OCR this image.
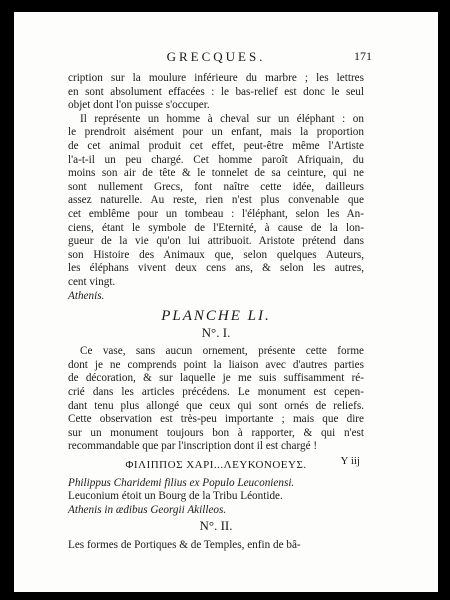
GRECQUES.	171
cription sur la moulure inférieure du marbre ; les lettres
en sont absolument effacées : le bas-relief est donc le seul
objet dont l'on puisse s'occuper.
Il représente un homme à cheval sur un éléphant : on
le prendroit aisément pour un enfant, mais la proportion
de cet animal produit cet effet, peut-être même l'Artiste
l'a-t-il un peu chargé. Cet homme paroît Afriquain, du
moins son air de tête & le tonnelet de sa ceinture, qui ne
sont nullement Grecs, font naître cette idée, dailleurs
assez naturelle. Au reste, rien n'est plus convenable que
cet emblême pour un tombeau : l'éléphant, selon les An-
ciens, étant le symbole de l'Eternité, à cause de la lon-
gueur de la vie qu'on lui attribuoit. Aristote prétend dans
son Histoire des Animaux que, selon quelques Auteurs,
les éléphans vivent deux cens ans, & selon les autres,
cent vingt.
Athenis.
PLANCHE LI.
N°. I.
Ce vase, sans aucun ornement, présente cette forme
dont je ne comprends point la liaison avec d'autres parties
de décoration, & sur laquelle je me suis suffisamment ré-
crié dans les articles précédens. Le monument est cepen-
dant tenu plus allongé que ceux qui sont ornés de reliefs.
Cette observation est très-peu importante ; mais que dire
sur un monument toujours bon à rapporter, & qui n'est
recommandable que par l'inscription dont il est chargé !
ΦΙΛΙΠΠΟΣ ΧΑΡΙ...ΛΕΥΚΟΝΟΕΥΣ.
Philippus Charidemi filius ex Populo Leuconiensi.
Leuconium étoit un Bourg de la Tribu Léontide.
Athenis in ædibus Georgii Akilleos.
N°. II.
Les formes de Portiques & de Temples, enfin de bâ-
Y iij
